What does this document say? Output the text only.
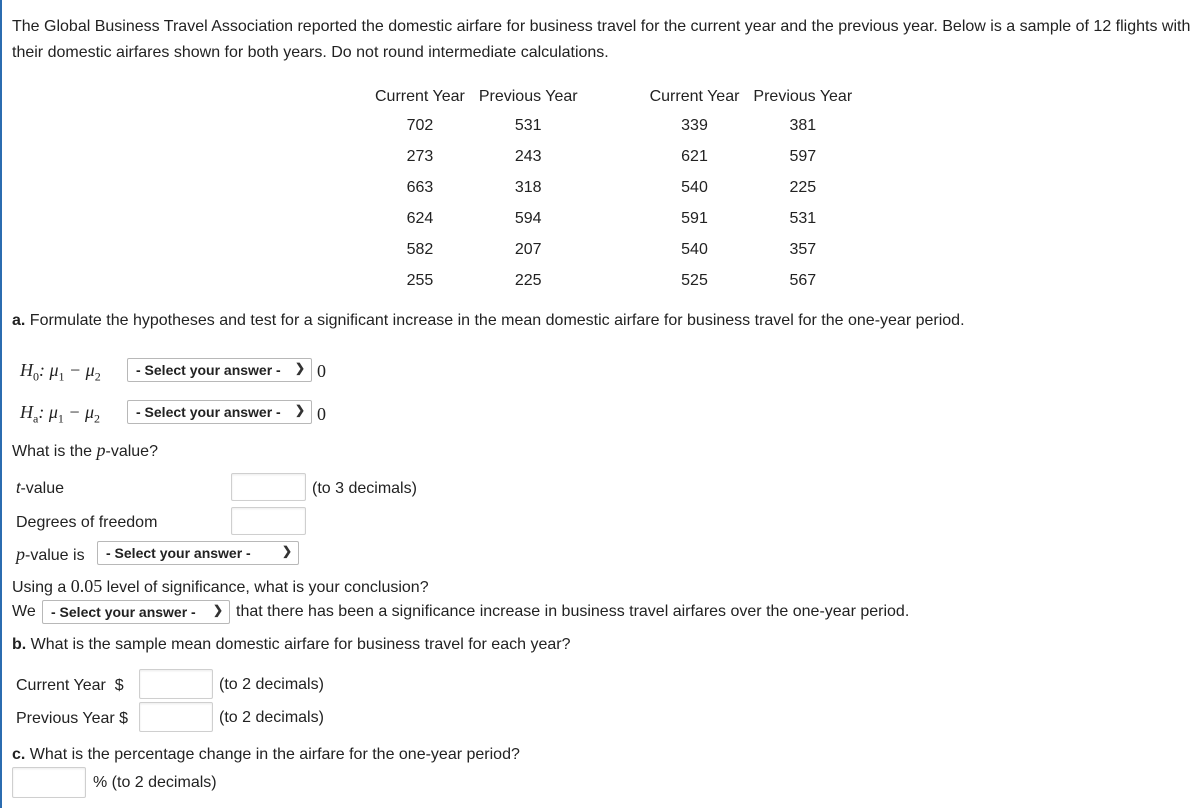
The Global Business Travel Association reported the domestic airfare for business travel for the current year and the previous year. Below is a sample of 12 flights with their domestic airfares shown for both years. Do not round intermediate calculations.
Current Year	Previous Year		Current Year	Previous Year
702	531		339	381
273	243		621	597
663	318		540	225
624	594		591	531
582	207		540	357
255	225		525	567
a. Formulate the hypotheses and test for a significant increase in the mean domestic airfare for business travel for the one-year period.
$H_0$: $\mu_1 - \mu_2$	- Select your answer - ❯ 0
$H_a$: $\mu_1 - \mu_2$	- Select your answer - ❯ 0
What is the p-value?
t-value	(to 3 decimals)
Degrees of freedom
p-value is - Select your answer -	❯
Using a 0.05 level of significance, what is your conclusion?
We - Select your answer - ❯ that there has been a significance increase in business travel airfares over the one-year period.
b. What is the sample mean domestic airfare for business travel for each year?
Current Year  $	(to 2 decimals)
Previous Year $	(to 2 decimals)
c. What is the percentage change in the airfare for the one-year period?
% (to 2 decimals)
